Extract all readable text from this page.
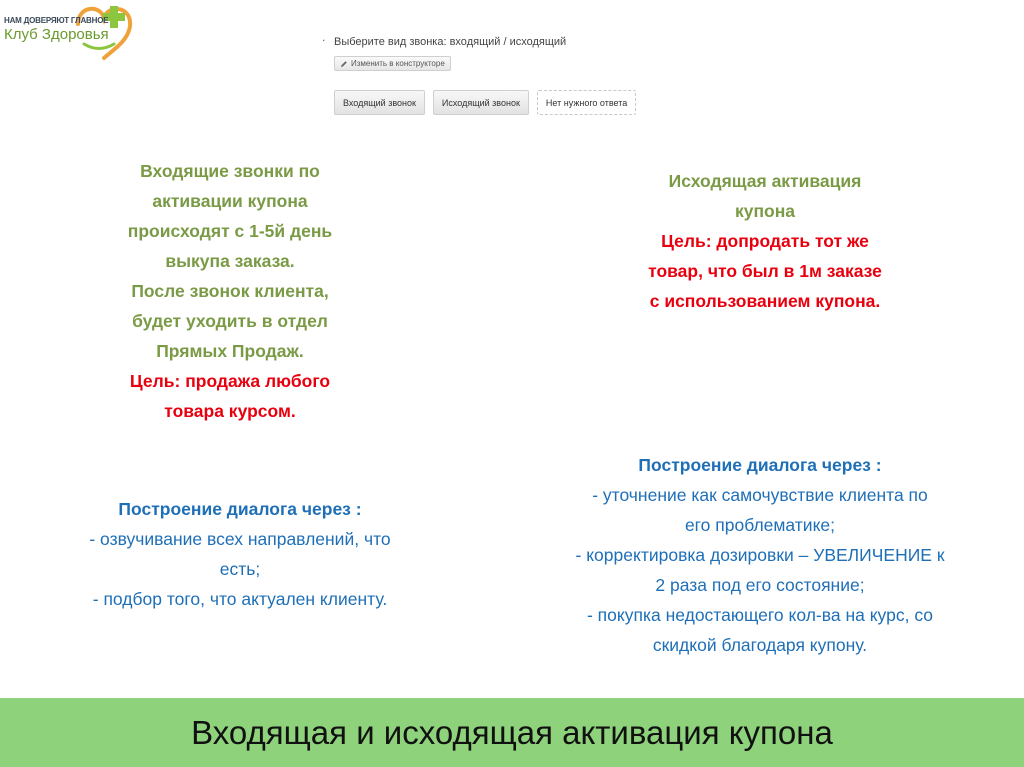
НАМ ДОВЕРЯЮТ ГЛАВНОЕ
Клуб Здоровья	. Выберите вид звонка: входящий / исходящий
Изменить в конструкторе
Входящий звонок	Исходящий звонок	Нет нужного ответа
Входящие звонки по
активации купона
происходят с 1-5й день
выкупа заказа.
После звонок клиента,
будет уходить в отдел
Прямых Продаж.
Цель: продажа любого
товара курсом.
Построение диалога через :
- озвучивание всех направлений, что
есть;
- подбор того, что актуален клиенту.
Исходящая активация
купона
Цель: допродать тот же
товар, что был в 1м заказе
с использованием купона.
Построение диалога через :
- уточнение как самочувствие клиента по
его проблематике;
- корректировка дозировки – УВЕЛИЧЕНИЕ к
2 раза под его состояние;
- покупка недостающего кол-ва на курс, со
скидкой благодаря купону.
Входящая и исходящая активация купона
